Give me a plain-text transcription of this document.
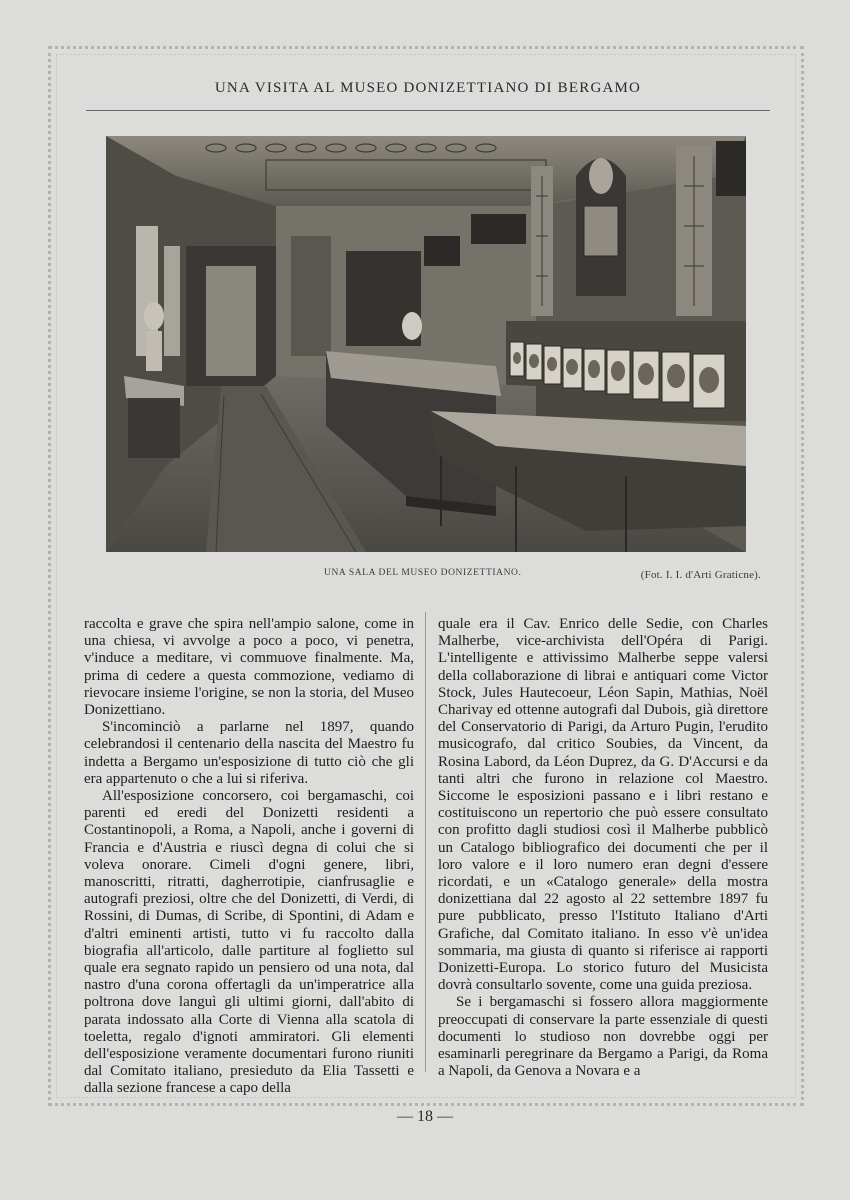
UNA VISITA AL MUSEO DONIZETTIANO DI BERGAMO
UNA SALA DEL MUSEO DONIZETTIANO.	(Fot. I. I. d'Arti Graticne).

raccolta e grave che spira nell'ampio salone, come in una chiesa, vi avvolge a poco a poco, vi penetra, v'induce a meditare, vi commuove finalmente. Ma, prima di cedere a questa commozione, vediamo di rievocare insieme l'origine, se non la storia, del Museo Donizettiano.

S'incominciò a parlarne nel 1897, quando celebrandosi il centenario della nascita del Maestro fu indetta a Bergamo un'esposizione di tutto ciò che gli era appartenuto o che a lui si riferiva.

All'esposizione concorsero, coi bergamaschi, coi parenti ed eredi del Donizetti residenti a Costantinopoli, a Roma, a Napoli, anche i governi di Francia e d'Austria e riuscì degna di colui che si voleva onorare. Cimeli d'ogni genere, libri, manoscritti, ritratti, dagherrotipie, cianfrusaglie e autografi preziosi, oltre che del Donizetti, di Verdi, di Rossini, di Dumas, di Scribe, di Spontini, di Adam e d'altri eminenti artisti, tutto vi fu raccolto dalla biografia all'articolo, dalle partiture al foglietto sul quale era segnato rapido un pensiero od una nota, dal nastro d'una corona offertagli da un'imperatrice alla poltrona dove languì gli ultimi giorni, dall'abito di parata indossato alla Corte di Vienna alla scatola di toeletta, regalo d'ignoti ammiratori. Gli elementi dell'esposizione veramente documentari furono riuniti dal Comitato italiano, presieduto da Elia Tassetti e dalla sezione francese a capo della

quale era il Cav. Enrico delle Sedie, con Charles Malherbe, vice-archivista dell'Opéra di Parigi. L'intelligente e attivissimo Malherbe seppe valersi della collaborazione di librai e antiquari come Victor Stock, Jules Hautecoeur, Léon Sapin, Mathias, Noël Charivay ed ottenne autografi dal Dubois, già direttore del Conservatorio di Parigi, da Arturo Pugin, l'erudito musicografo, dal critico Soubies, da Vincent, da Rosina Labord, da Léon Duprez, da G. D'Accursi e da tanti altri che furono in relazione col Maestro. Siccome le esposizioni passano e i libri restano e costituiscono un repertorio che può essere consultato con profitto dagli studiosi così il Malherbe pubblicò un Catalogo bibliografico dei documenti che per il loro valore e il loro numero eran degni d'essere ricordati, e un «Catalogo generale» della mostra donizettiana dal 22 agosto al 22 settembre 1897 fu pure pubblicato, presso l'Istituto Italiano d'Arti Grafiche, dal Comitato italiano. In esso v'è un'idea sommaria, ma giusta di quanto si riferisce ai rapporti Donizetti-Europa. Lo storico futuro del Musicista dovrà consultarlo sovente, come una guida preziosa.

Se i bergamaschi si fossero allora maggiormente preoccupati di conservare la parte essenziale di questi documenti lo studioso non dovrebbe oggi per esaminarli peregrinare da Bergamo a Parigi, da Roma a Napoli, da Genova a Novara e a

— 18 —
